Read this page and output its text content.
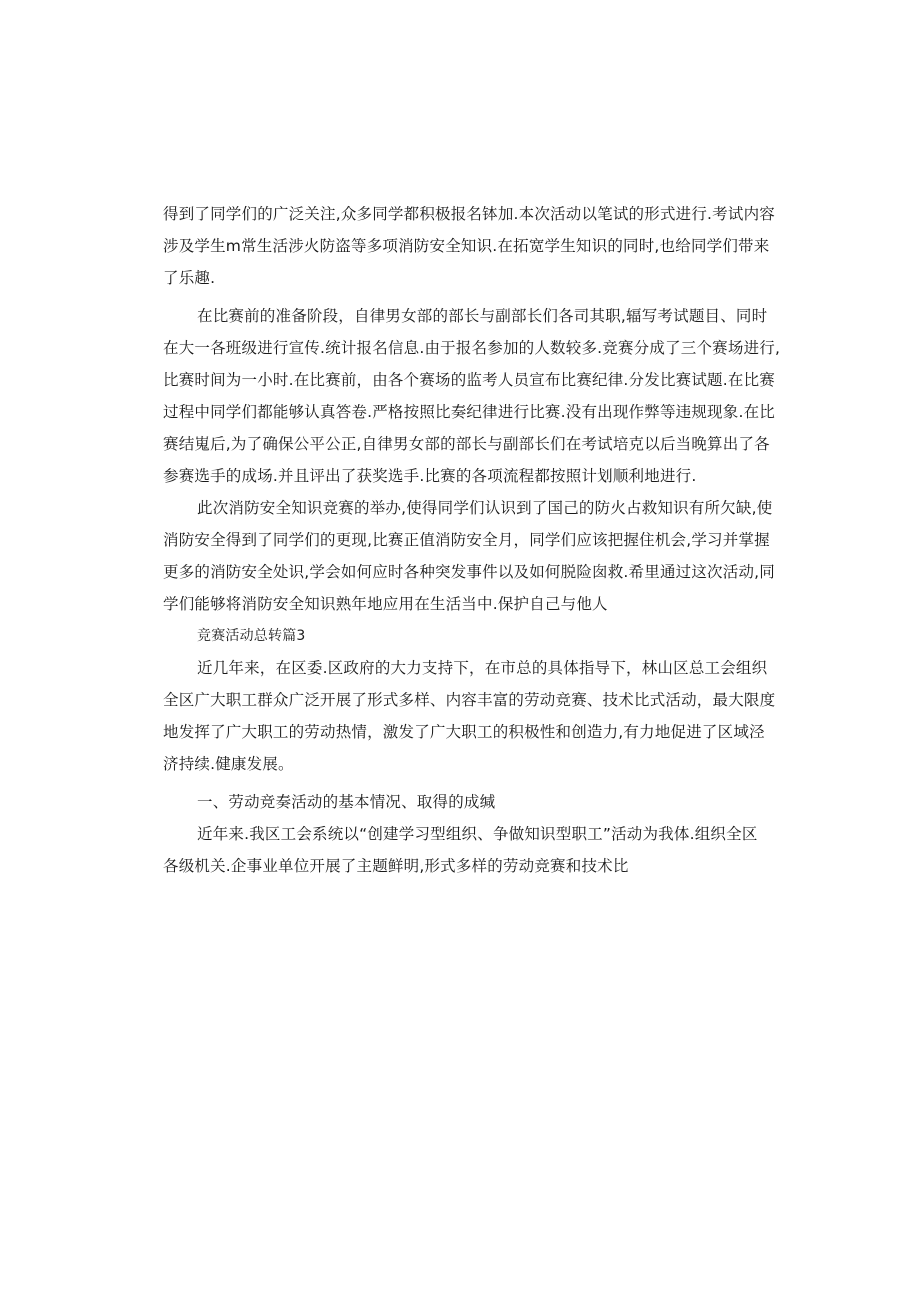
得到了同学们的广泛关注,众多同学都积极报名钵加.本次活动以笔试的形式进行.考试内容
涉及学生m常生活涉火防盗等多项消防安全知识.在拓宽学生知识的同时,也给同学们带来
了乐趣.
在比赛前的准备阶段，自律男女部的部长与副部长们各司其职,辐写考试题目、同时
在大一各班级进行宣传.统计报名信息.由于报名参加的人数较多.竞赛分成了三个赛场进行,
比赛时间为一小时.在比赛前，由各个赛场的监考人员宣布比赛纪律.分发比赛试题.在比赛
过程中同学们都能够认真答卷.严格按照比奏纪律进行比赛.没有出现作弊等违规现象.在比
赛结嵬后,为了确保公平公正,自律男女部的部长与副部长们在考试培克以后当晚算出了各
参赛选手的成场.并且评出了获奖选手.比赛的各项流程都按照计划顺利地进行.
此次消防安全知识竞赛的举办,使得同学们认识到了国己的防火占救知识有所欠缺,使
消防安全得到了同学们的更现,比赛正值消防安全月，同学们应该把握住机会,学习并掌握
更多的消防安全处识,学会如何应时各种突发事件以及如何脱险囱救.希里通过这次活动,同
学们能够将消防安全知识熟年地应用在生活当中.保护自己与他人
竞赛活动总转篇3
近几年来，在区委.区政府的大力支持下，在市总的具体指导下，林山区总工会组织
全区广大职工群众广泛开展了形式多样、内容丰富的劳动竞赛、技术比式活动，最大限度
地发挥了广大职工的劳动热情，激发了广大职工的积极性和创造力,有力地促进了区域泾
济持续.健康发展。
一、劳动竞奏活动的基本情况、取得的成缄
近年来.我区工会系统以“创建学习型组织、争做知识型职工”活动为我体.组织全区
各级机关.企事业单位开展了主题鲜明,形式多样的劳动竞赛和技术比
